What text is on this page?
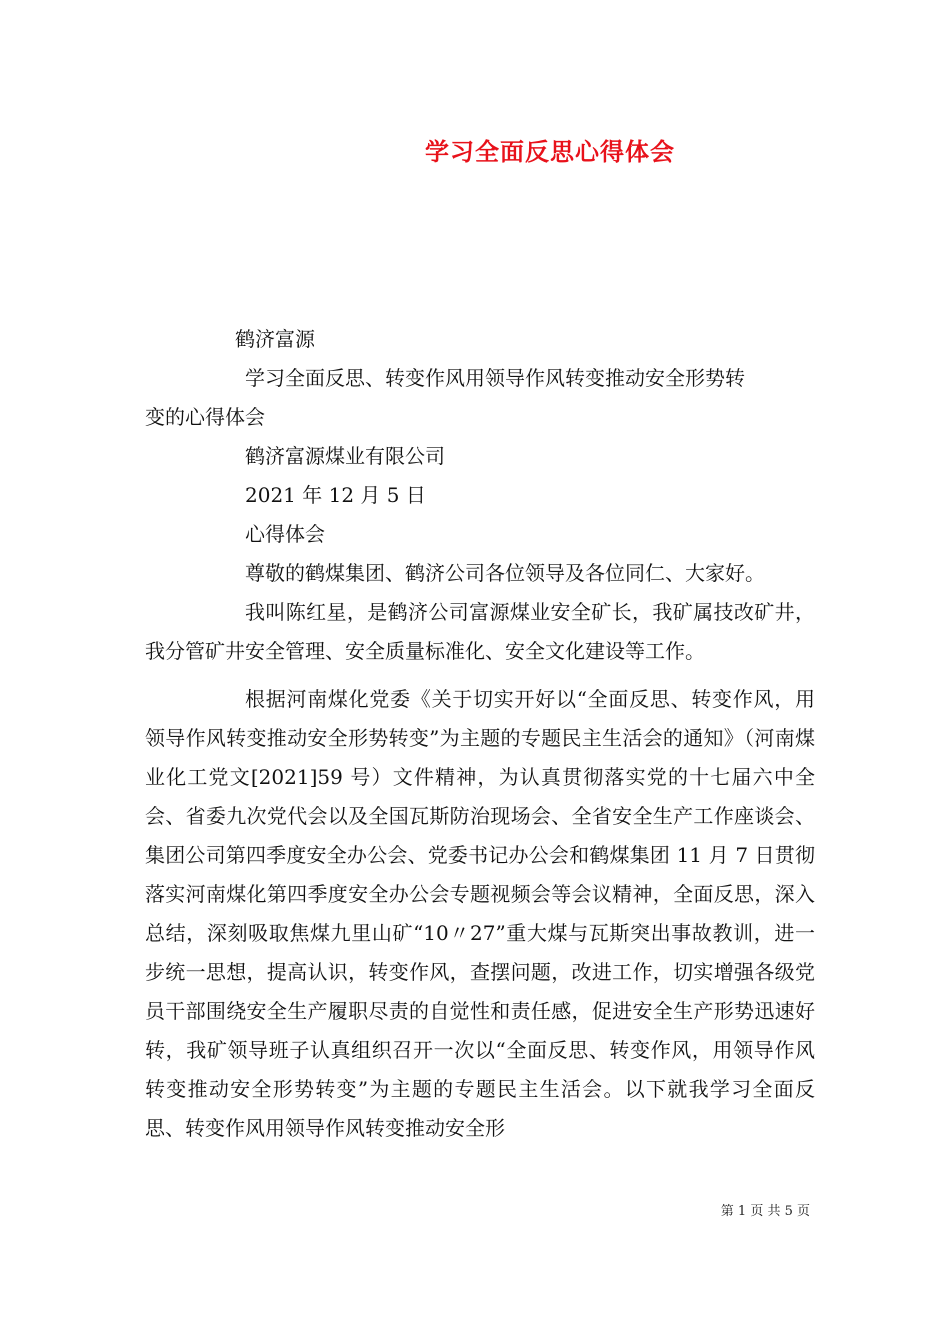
学习全面反思心得体会

鹤济富源

学习全面反思、转变作风用领导作风转变推动安全形势转

变的心得体会

鹤济富源煤业有限公司

2021 年 12 月 5 日

心得体会

尊敬的鹤煤集团、鹤济公司各位领导及各位同仁、大家好。

我叫陈红星，是鹤济公司富源煤业安全矿长，我矿属技改矿井，我分管矿井安全管理、安全质量标准化、安全文化建设等工作。

根据河南煤化党委《关于切实开好以“全面反思、转变作风，用领导作风转变推动安全形势转变”为主题的专题民主生活会的通知》（河南煤业化工党文[2021]59 号）文件精神，为认真贯彻落实党的十七届六中全会、省委九次党代会以及全国瓦斯防治现场会、全省安全生产工作座谈会、集团公司第四季度安全办公会、党委书记办公会和鹤煤集团 11 月 7 日贯彻落实河南煤化第四季度安全办公会专题视频会等会议精神，全面反思，深入总结，深刻吸取焦煤九里山矿“10〃27”重大煤与瓦斯突出事故教训，进一步统一思想，提高认识，转变作风，查摆问题，改进工作，切实增强各级党员干部围绕安全生产履职尽责的自觉性和责任感，促进安全生产形势迅速好转，我矿领导班子认真组织召开一次以“全面反思、转变作风，用领导作风转变推动安全形势转变”为主题的专题民主生活会。以下就我学习全面反思、转变作风用领导作风转变推动安全形

第 1 页 共 5 页
